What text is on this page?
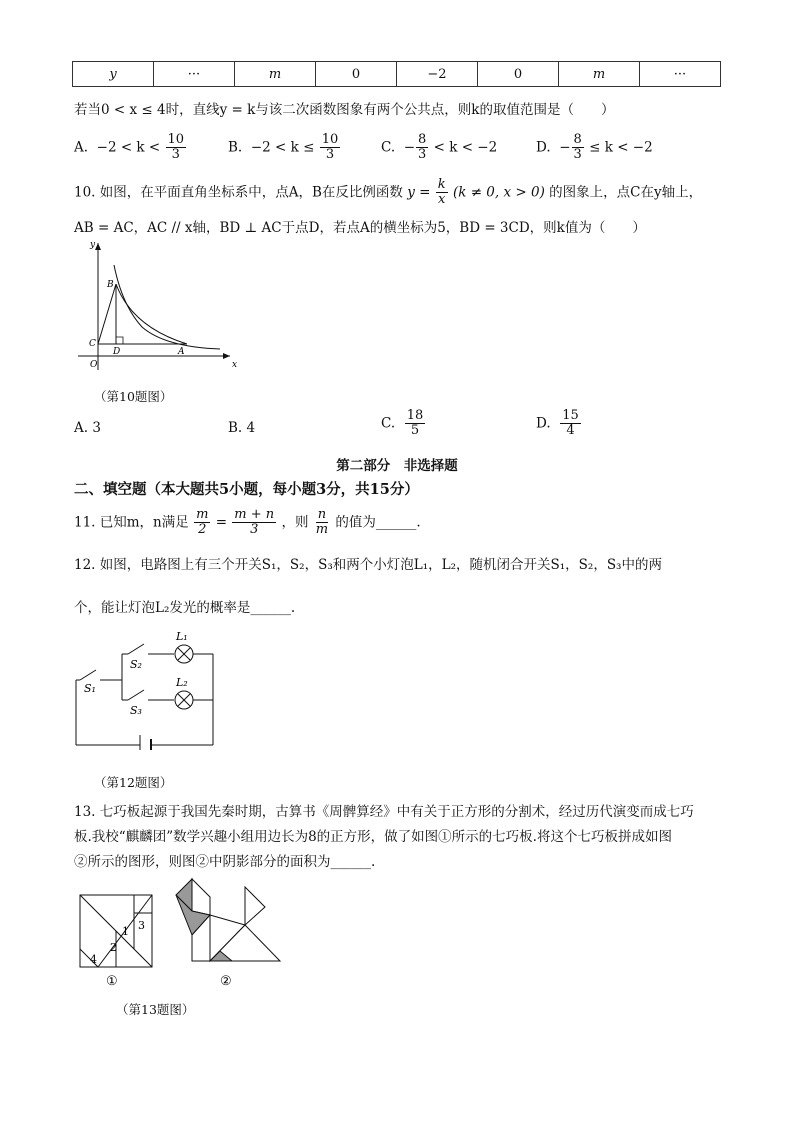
y	···	m	0	−2	0	m	···
若当0 < x ≤ 4时，直线y = k与该二次函数图象有两个公共点，则k的取值范围是（　　）
A. $-2 < k < \frac{10}{3}$	B. $-2 < k \le \frac{10}{3}$	C. − $\frac{8}{3} < k < -2$	D. − $\frac{8}{3} \le k < -2$
10. 如图，在平面直角坐标系中，点A，B在反比例函数 $y = \frac{k}{x} (k \ne 0$, x > 0) 的图象上，点C在y轴上，
AB = AC，AC // x轴，BD ⊥ AC于点D，若点A的横坐标为5，BD = 3CD，则k值为（　　）
y
x
O
B
C
D	A
（第10题图）
A. 3	B. 4	C. $\frac{18}{5}$	D. $\frac{15}{4}$
第二部分　非选择题
二、填空题（本大题共5小题，每小题3分，共15分）
11. 已知m，n满足 $\frac{m}{2} = \frac{m + n}{3}$ ，则 $\frac{n}{m}$ 的值为______.
12. 如图，电路图上有三个开关S₁，S₂，S₃和两个小灯泡L₁，L₂，随机闭合开关S₁，S₂，S₃中的两
个，能让灯泡L₂发光的概率是______.
S₁
S₂
S₃
L₁
L₂
（第12题图）
13. 七巧板起源于我国先秦时期，古算书《周髀算经》中有关于正方形的分割术，经过历代演变而成七巧
板.我校“麒麟团”数学兴趣小组用边长为8的正方形，做了如图①所示的七巧板.将这个七巧板拼成如图
②所示的图形，则图②中阴影部分的面积为______.
1 3
2
4
①	②
（第13题图）
